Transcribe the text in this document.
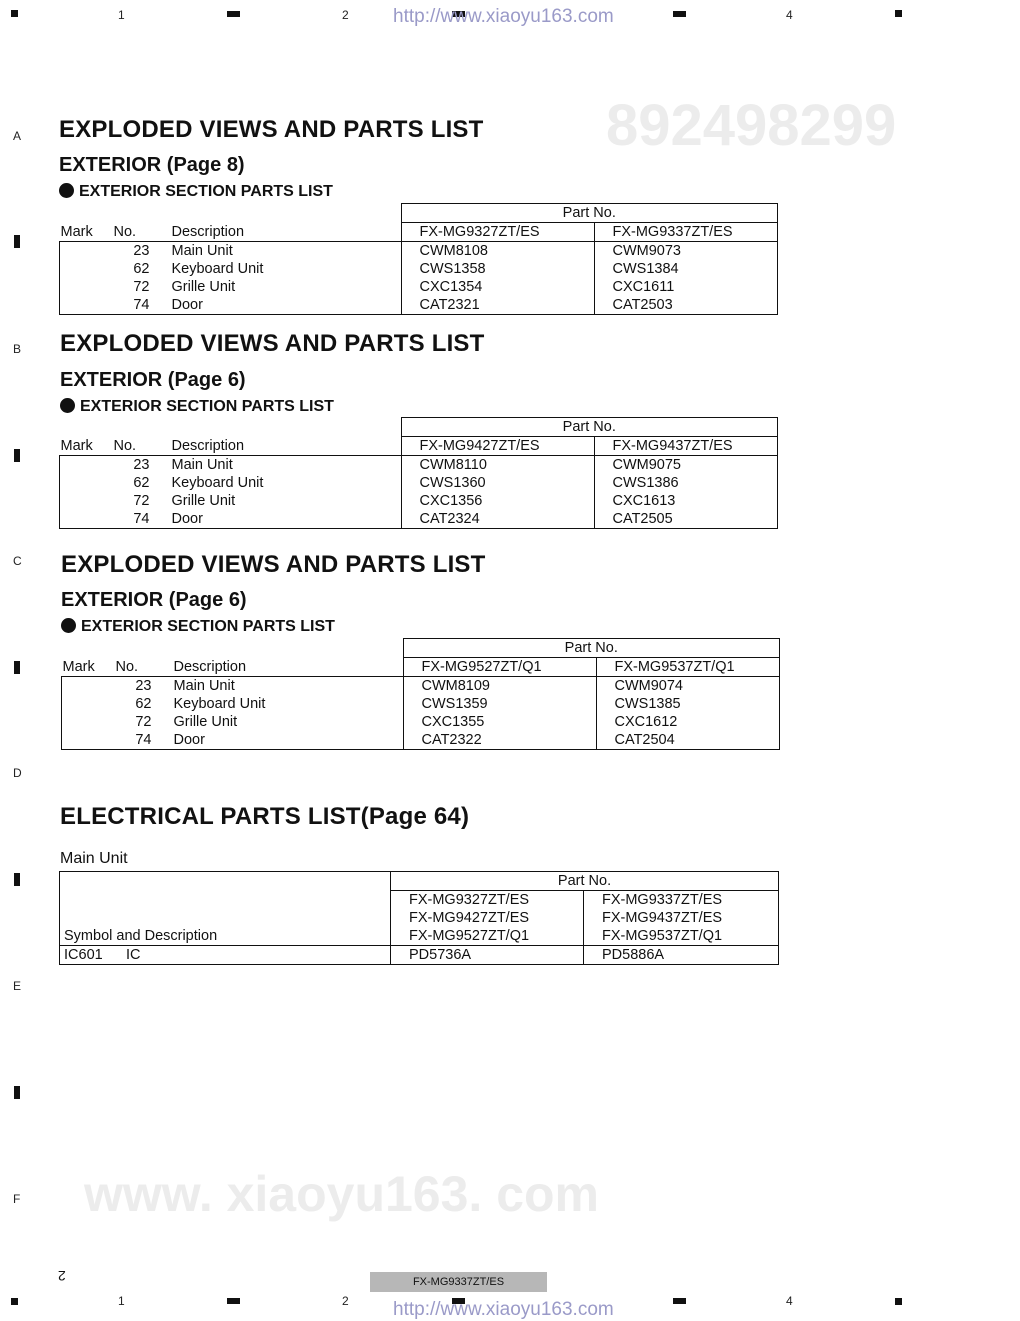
892498299
www. xiaoyu163. com
1	2 http://www.xiaoyu163.com	4
A
B
C
D
E
F
EXPLODED VIEWS AND PARTS LIST
EXTERIOR (Page 8)
EXTERIOR SECTION PARTS LIST
			Part No.	
Mark	No.	Description	FX-MG9327ZT/ES	FX-MG9337ZT/ES
	23	Main Unit	CWM8108	CWM9073
	62	Keyboard Unit	CWS1358	CWS1384
	72	Grille Unit	CXC1354	CXC1611
	74	Door	CAT2321	CAT2503
EXPLODED VIEWS AND PARTS LIST
EXTERIOR (Page 6)
EXTERIOR SECTION PARTS LIST
			Part No.	
Mark	No.	Description	FX-MG9427ZT/ES	FX-MG9437ZT/ES
	23	Main Unit	CWM8110	CWM9075
	62	Keyboard Unit	CWS1360	CWS1386
	72	Grille Unit	CXC1356	CXC1613
	74	Door	CAT2324	CAT2505
EXPLODED VIEWS AND PARTS LIST
EXTERIOR (Page 6)
EXTERIOR SECTION PARTS LIST
			Part No.	
Mark	No.	Description	FX-MG9527ZT/Q1	FX-MG9537ZT/Q1
	23	Main Unit	CWM8109	CWM9074
	62	Keyboard Unit	CWS1359	CWS1385
	72	Grille Unit	CXC1355	CXC1612
	74	Door	CAT2322	CAT2504
ELECTRICAL PARTS LIST(Page 64)
Main Unit
	Part No.	
	FX-MG9327ZT/ES	FX-MG9337ZT/ES
	FX-MG9427ZT/ES	FX-MG9437ZT/ES
Symbol and Description	FX-MG9527ZT/Q1	FX-MG9537ZT/Q1
IC601 IC	PD5736A	PD5886A
2	FX-MG9337ZT/ES
1	2 http://www.xiaoyu163.com	4
